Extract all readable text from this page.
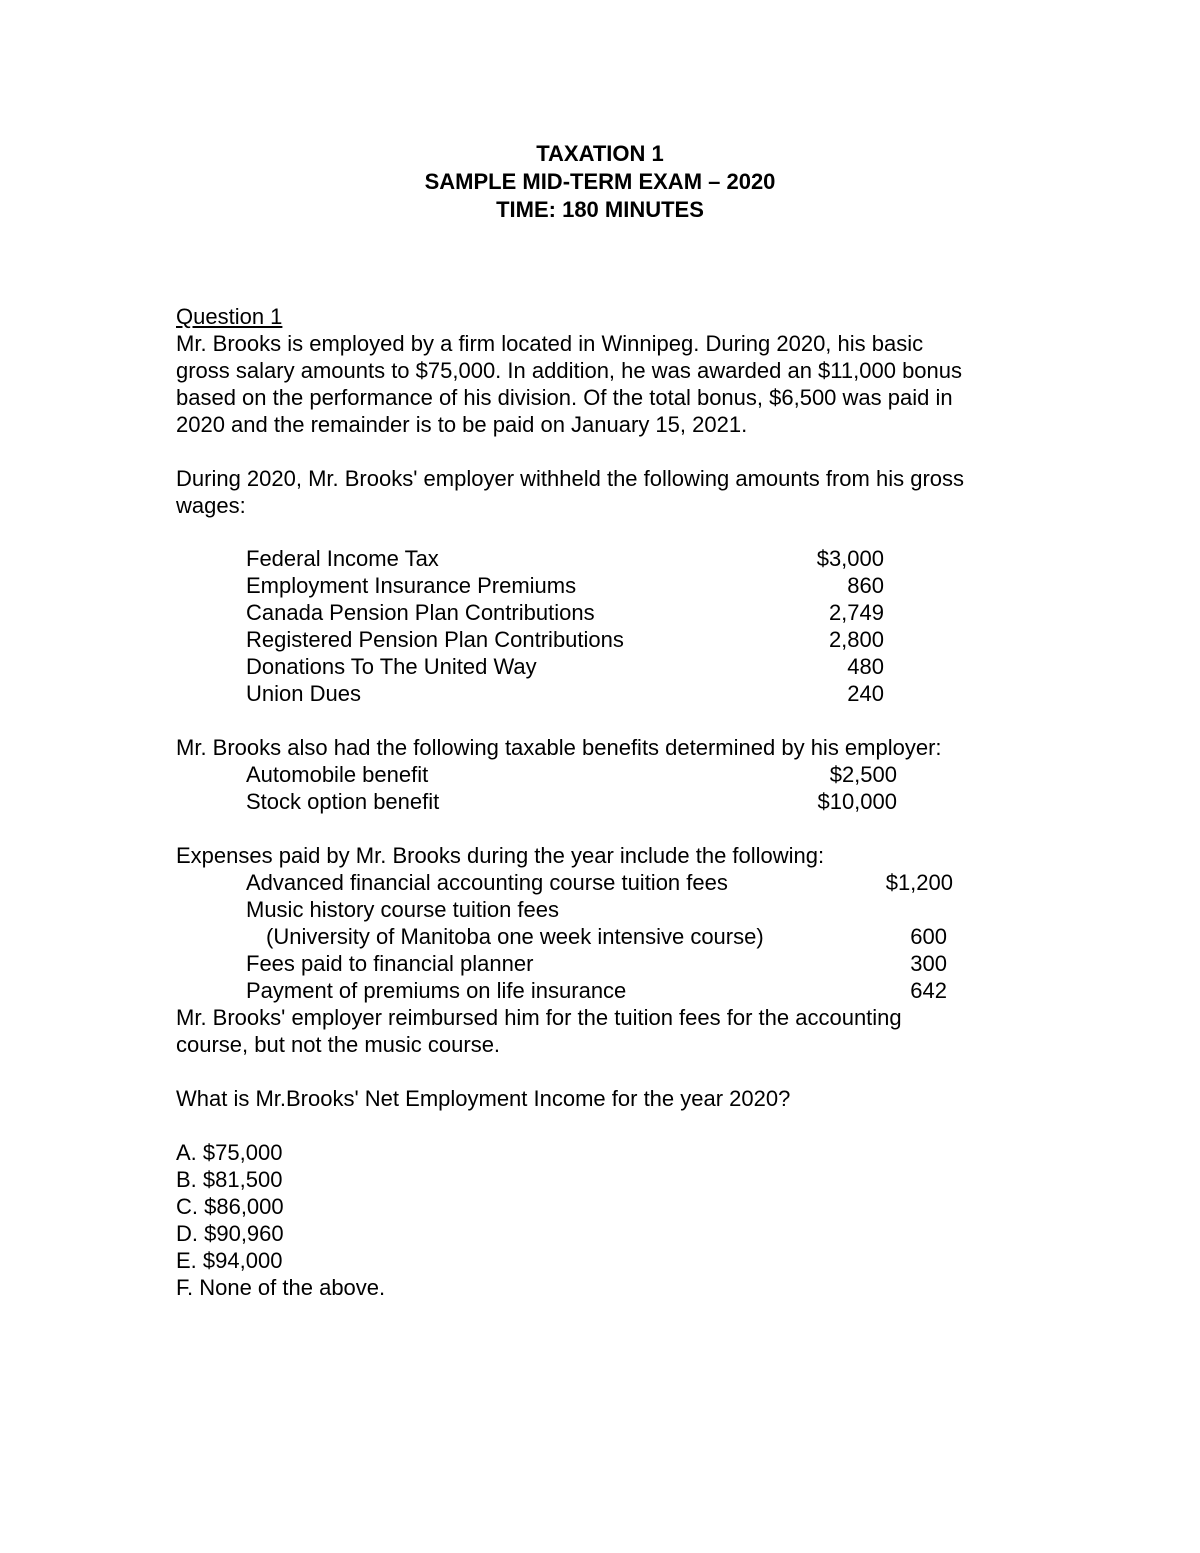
TAXATION 1
SAMPLE MID-TERM EXAM – 2020
TIME: 180 MINUTES
Question 1
Mr. Brooks is employed by a firm located in Winnipeg. During 2020, his basic
gross salary amounts to $75,000. In addition, he was awarded an $11,000 bonus
based on the performance of his division. Of the total bonus, $6,500 was paid in
2020 and the remainder is to be paid on January 15, 2021.
During 2020, Mr. Brooks' employer withheld the following amounts from his gross
wages:
Federal Income Tax	$3,000
Employment Insurance Premiums	860
Canada Pension Plan Contributions	2,749
Registered Pension Plan Contributions	2,800
Donations To The United Way	480
Union Dues	240
Mr. Brooks also had the following taxable benefits determined by his employer:
Automobile benefit	$2,500
Stock option benefit	$10,000
Expenses paid by Mr. Brooks during the year include the following:
Advanced financial accounting course tuition fees	$1,200
Music history course tuition fees
(University of Manitoba one week intensive course)	600
Fees paid to financial planner	300
Payment of premiums on life insurance	642
Mr. Brooks' employer reimbursed him for the tuition fees for the accounting
course, but not the music course.
What is Mr.Brooks' Net Employment Income for the year 2020?
A. $75,000
B. $81,500
C. $86,000
D. $90,960
E. $94,000
F. None of the above.
